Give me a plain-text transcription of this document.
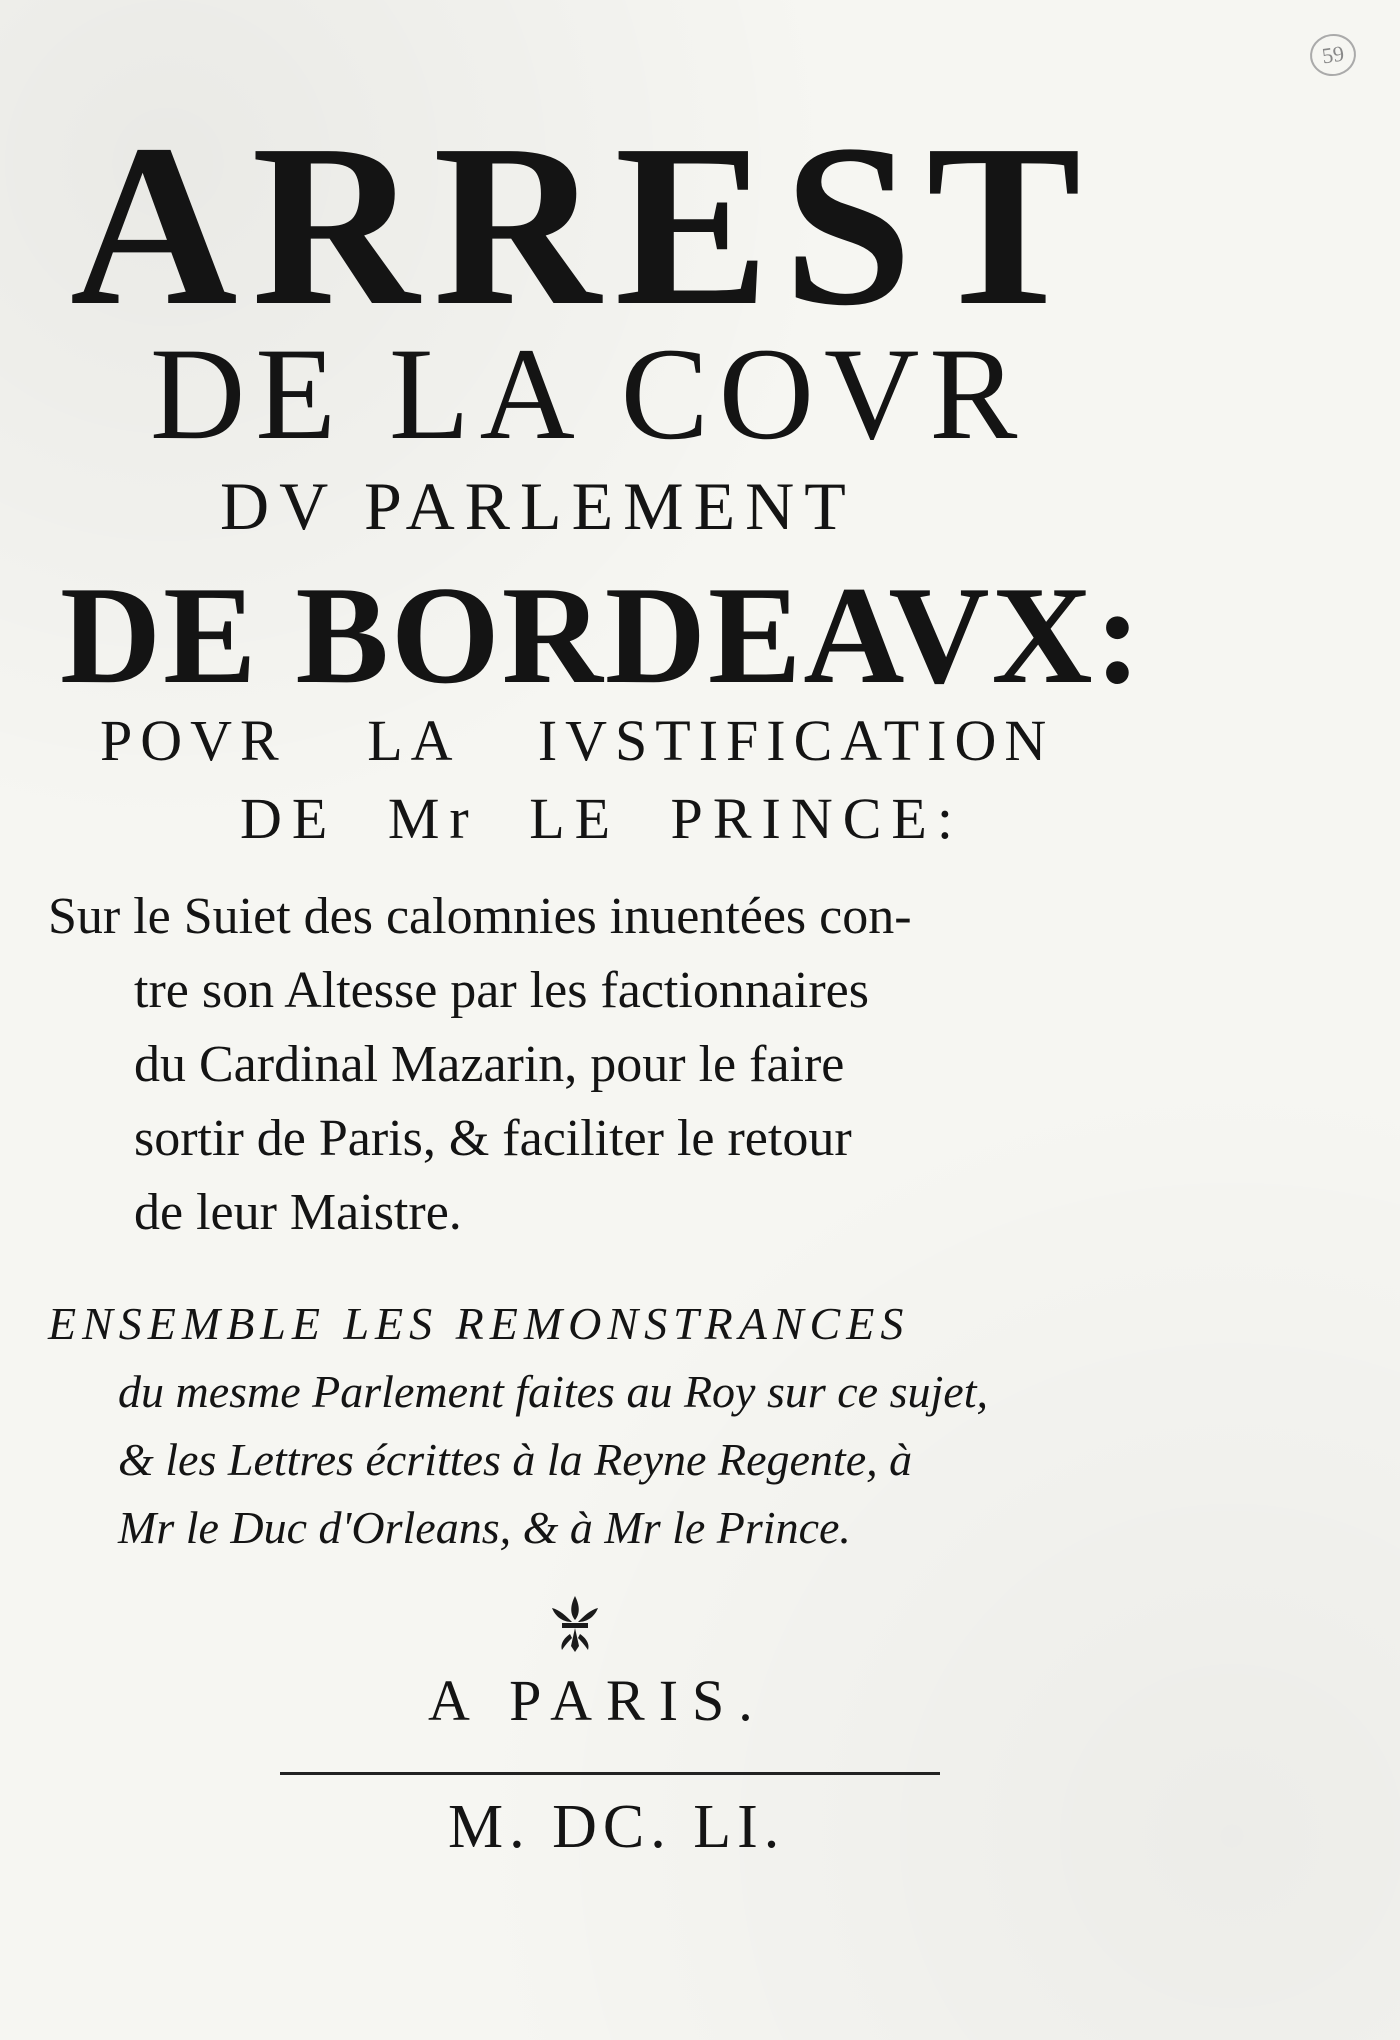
59
ARREST
DE LA COVR
DV PARLEMENT
DE BORDEAVX:
POVR LA IVSTIFICATION
DE Mr LE PRINCE:
Sur le Suiet des calomnies inuentées con-
tre son Altesse par les factionnaires
du Cardinal Mazarin, pour le faire
sortir de Paris, & faciliter le retour
de leur Maistre.
ENSEMBLE LES REMONSTRANCES
du mesme Parlement faites au Roy sur ce sujet,
& les Lettres écrittes à la Reyne Regente, à
Mr le Duc d'Orleans, & à Mr le Prince.
A PARIS.
M. DC. LI.
